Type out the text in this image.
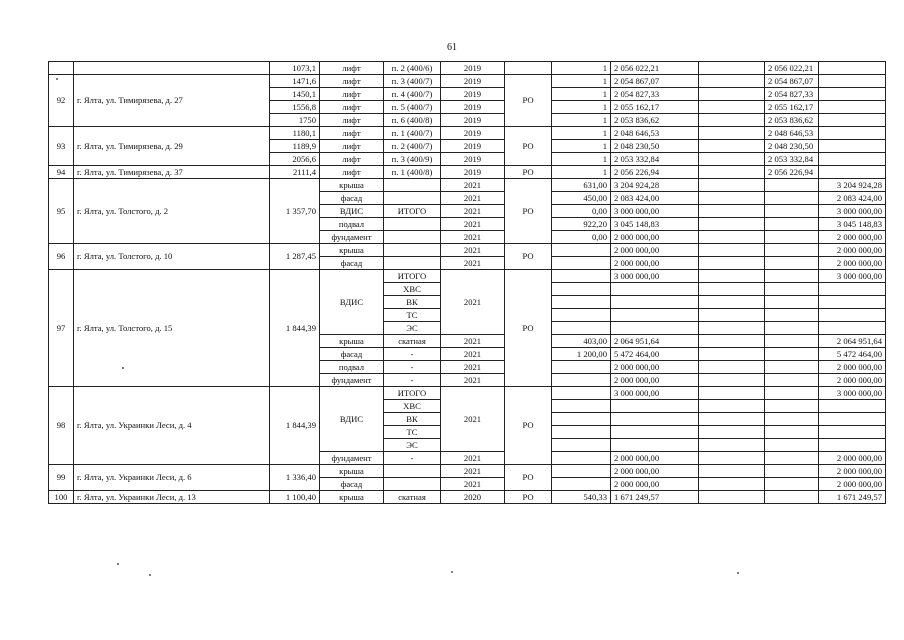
61
		1073,1	лифт	п. 2 (400/6)	2019		1	2 056 022,21		2 056 022,21	
92	г. Ялта, ул. Тимирязева, д. 27	1471,6	лифт	п. 3 (400/7)	2019	РО	1	2 054 867,07		2 054 867,07	
		1450,1	лифт	п. 4 (400/7)	2019		1	2 054 827,33		2 054 827,33	
		1556,8	лифт	п. 5 (400/7)	2019		1	2 055 162,17		2 055 162,17	
		1750	лифт	п. 6 (400/8)	2019		1	2 053 836,62		2 053 836,62	
93	г. Ялта, ул. Тимирязева, д. 29	1180,1	лифт	п. 1 (400/7)	2019	РО	1	2 048 646,53		2 048 646,53	
		1189,9	лифт	п. 2 (400/7)	2019		1	2 048 230,50		2 048 230,50	
		2056,6	лифт	п. 3 (400/9)	2019		1	2 053 332,84		2 053 332,84	
94	г. Ялта, ул. Тимирязева, д. 37	2111,4	лифт	п. 1 (400/8)	2019	РО	1	2 056 226,94		2 056 226,94	
95	г. Ялта, ул. Толстого, д. 2	1 357,70	крыша		2021	РО	631,00	3 204 924,28			3 204 924,28
			фасад		2021		450,00	2 083 424,00			2 083 424,00
			ВДИС	ИТОГО	2021		0,00	3 000 000,00			3 000 000,00
			подвал		2021		922,20	3 045 148,83			3 045 148,83
			фундамент		2021		0,00	2 000 000,00			2 000 000,00
96	г. Ялта, ул. Толстого, д. 10	1 287,45	крыша		2021	РО		2 000 000,00			2 000 000,00
			фасад		2021			2 000 000,00			2 000 000,00
97	г. Ялта, ул. Толстого, д. 15	1 844,39	ВДИС	ИТОГО	2021	РО		3 000 000,00			3 000 000,00
				ХВС							
				ВК							
				ТС							
				ЭС							
			крыша	скатная	2021		403,00	2 064 951,64			2 064 951,64
			фасад	-	2021		1 200,00	5 472 464,00			5 472 464,00
			подвал	-	2021			2 000 000,00			2 000 000,00
			фундамент	-	2021			2 000 000,00			2 000 000,00
98	г. Ялта, ул. Украинки Леси, д. 4	1 844,39	ВДИС	ИТОГО	2021	РО		3 000 000,00			3 000 000,00
				ХВС							
				ВК							
				ТС							
				ЭС							
			фундамент	-	2021			2 000 000,00			2 000 000,00
99	г. Ялта, ул. Украинки Леси, д. 6	1 336,40	крыша		2021	РО		2 000 000,00			2 000 000,00
			фасад		2021			2 000 000,00			2 000 000,00
100	г. Ялта, ул. Украинки Леси, д. 13	1 100,40	крыша	скатная	2020	РО	540,33	1 671 249,57			1 671 249,57
